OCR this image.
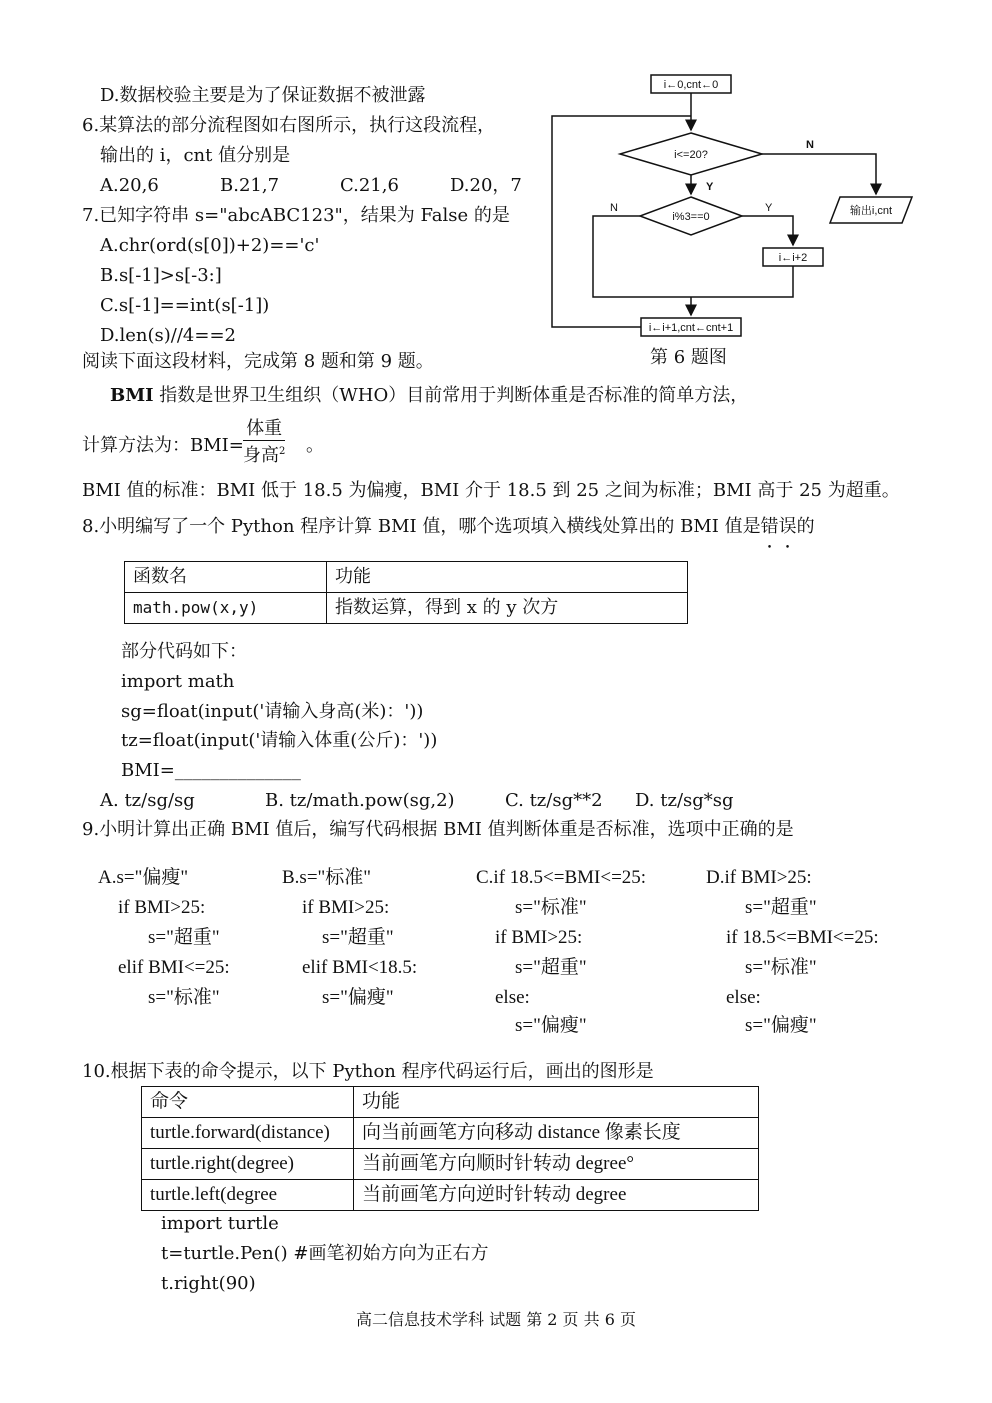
D.数据校验主要是为了保证数据不被泄露
6.某算法的部分流程图如右图所示，执行这段流程，
输出的 i，cnt 值分别是
A.20,6	B.21,7	C.21,6	D.20，7
i←0,cnt←0
i<=20?
N
Y
输出i,cnt
i%3==0
N	Y
i←i+2
i←i+1,cnt←cnt+1
第 6 题图
7.已知字符串 s="abcABC123"，结果为 False 的是
A.chr(ord(s[0])+2)=='c'
B.s[-1]>s[-3:]
C.s[-1]==int(s[-1])
D.len(s)//4==2
阅读下面这段材料，完成第 8 题和第 9 题。
BMI 指数是世界卫生组织（WHO）目前常用于判断体重是否标准的简单方法，
计算方法为：BMI=
体重
身高$^2$ 。
BMI 值的标准：BMI 低于 18.5 为偏瘦，BMI 介于 18.5 到 25 之间为标准；BMI 高于 25 为超重。
8.小明编写了一个 Python 程序计算 BMI 值，哪个选项填入横线处算出的 BMI 值是错误的
函数名	功能
math.pow(x,y)	指数运算，得到 x 的 y 次方
部分代码如下：
import math
sg=float(input('请输入身高(米)：'))
tz=float(input('请输入体重(公斤)：'))
BMI=______________
A. tz/sg/sg	B. tz/math.pow(sg,2)	C. tz/sg**2 D. tz/sg*sg
9.小明计算出正确 BMI 值后，编写代码根据 BMI 值判断体重是否标准，选项中正确的是
A.s="偏瘦"
if BMI>25:
s="超重"
elif BMI<=25:
s="标准"
B.s="标准"
if BMI>25:
s="超重"
elif BMI<18.5:
s="偏瘦"
C.if 18.5<=BMI<=25:
s="标准"
if BMI>25:
s="超重"
else:
s="偏瘦"
D.if BMI>25:
s="超重"
if 18.5<=BMI<=25:
s="标准"
else:
s="偏瘦"
10.根据下表的命令提示，以下 Python 程序代码运行后，画出的图形是
命令	功能
turtle.forward(distance)	向当前画笔方向移动 distance 像素长度
turtle.right(degree)	当前画笔方向顺时针转动 degree°
turtle.left(degree	当前画笔方向逆时针转动 degree
import turtle
t=turtle.Pen() #画笔初始方向为正右方
t.right(90)
高二信息技术学科 试题 第 2 页 共 6 页
